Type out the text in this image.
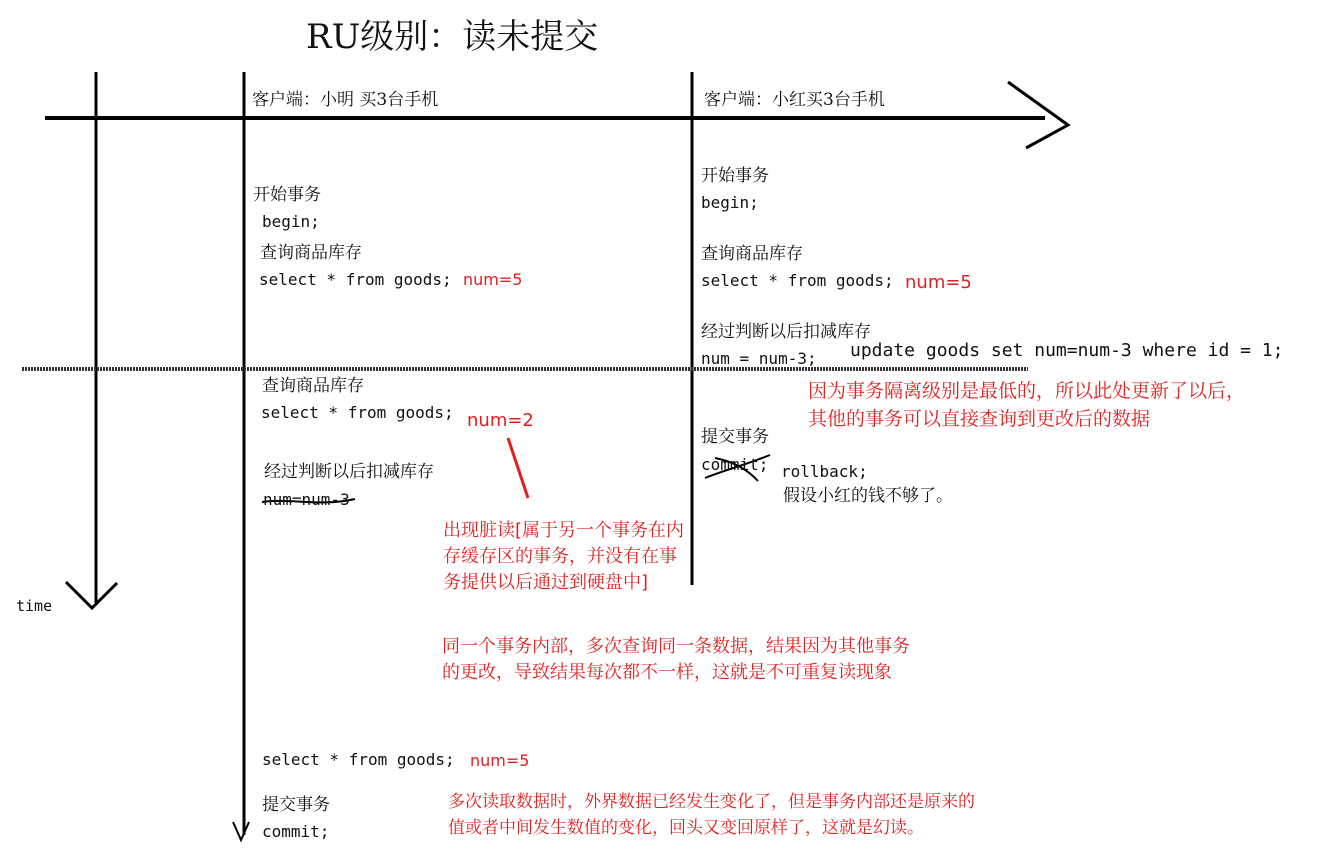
RU级别：读未提交
time
客户端：小明 买3台手机	客户端：小红买3台手机
开始事务
begin;
查询商品库存
select * from goods; num=5
查询商品库存
select * from goods; num=2
经过判断以后扣减库存
num=num-3
select * from goods; num=5
提交事务
commit;
开始事务
begin;
查询商品库存
select * from goods; num=5
经过判断以后扣减库存
num = num-3; update goods set num=num-3 where id = 1;
提交事务
commit; rollback;
假设小红的钱不够了。
因为事务隔离级别是最低的，所以此处更新了以后，
其他的事务可以直接查询到更改后的数据
出现脏读[属于另一个事务在内存缓存区的事务，并没有在事务提供以后通过到硬盘中]
同一个事务内部，多次查询同一条数据，结果因为其他事务的更改，导致结果每次都不一样，这就是不可重复读现象
多次读取数据时，外界数据已经发生变化了，但是事务内部还是原来的
值或者中间发生数值的变化，回头又变回原样了，这就是幻读。
